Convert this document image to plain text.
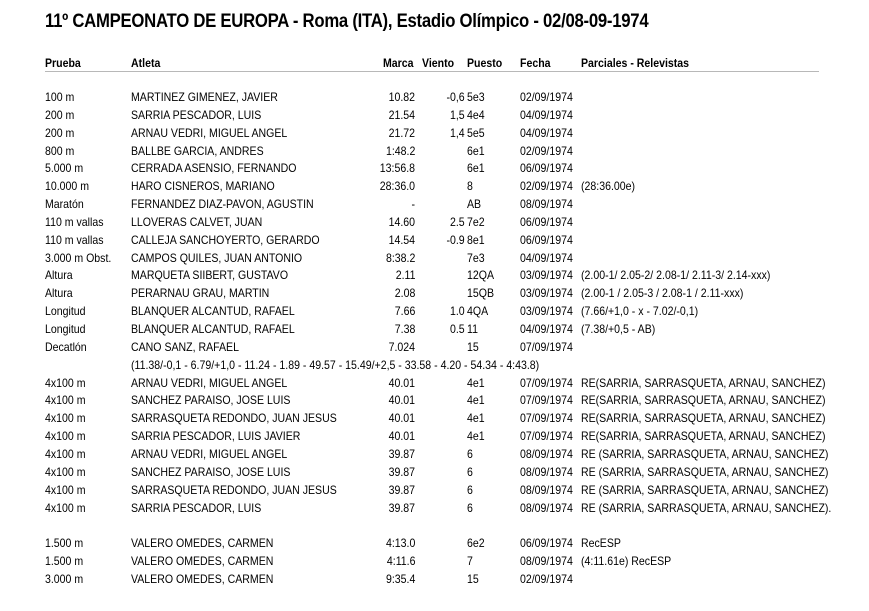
11º CAMPEONATO DE EUROPA - Roma (ITA), Estadio Olímpico - 02/08-09-1974
Prueba	Atleta	Marca Viento Puesto Fecha	Parciales - Relevistas
100 m	MARTINEZ GIMENEZ, JAVIER	10.82	-0,6 5e3	02/09/1974
200 m	SARRIA PESCADOR, LUIS	21.54	1,5 4e4	04/09/1974
200 m	ARNAU VEDRI, MIGUEL ANGEL	21.72	1,4 5e5	04/09/1974
800 m	BALLBE GARCIA, ANDRES	1:48.2	6e1	02/09/1974
5.000 m	CERRADA ASENSIO, FERNANDO	13:56.8	6e1	06/09/1974
10.000 m	HARO CISNEROS, MARIANO	28:36.0	8	02/09/1974 (28:36.00e)
Maratón	FERNANDEZ DIAZ-PAVON, AGUSTIN	-	AB	08/09/1974
110 m vallas LLOVERAS CALVET, JUAN	14.60	2.5 7e2	06/09/1974
110 m vallas CALLEJA SANCHOYERTO, GERARDO	14.54	-0.9 8e1	06/09/1974
3.000 m Obst. CAMPOS QUILES, JUAN ANTONIO	8:38.2	7e3	04/09/1974
Altura	MARQUETA SIIBERT, GUSTAVO	2.11	12QA 03/09/1974 (2.00-1/ 2.05-2/ 2.08-1/ 2.11-3/ 2.14-xxx)
Altura	PERARNAU GRAU, MARTIN	2.08	15QB 03/09/1974 (2.00-1 / 2.05-3 / 2.08-1 / 2.11-xxx)
Longitud	BLANQUER ALCANTUD, RAFAEL	7.66	1.0 4QA	03/09/1974 (7.66/+1,0 - x - 7.02/-0,1)
Longitud	BLANQUER ALCANTUD, RAFAEL	7.38	0.5 11	04/09/1974 (7.38/+0,5 - AB)
Decatlón	CANO SANZ, RAFAEL	7.024	15	07/09/1974
(11.38/-0,1 - 6.79/+1,0 - 11.24 - 1.89 - 49.57 - 15.49/+2,5 - 33.58 - 4.20 - 54.34 - 4:43.8)
4x100 m	ARNAU VEDRI, MIGUEL ANGEL	40.01	4e1	07/09/1974 RE(SARRIA, SARRASQUETA, ARNAU, SANCHEZ)
4x100 m	SANCHEZ PARAISO, JOSE LUIS	40.01	4e1	07/09/1974 RE(SARRIA, SARRASQUETA, ARNAU, SANCHEZ)
4x100 m	SARRASQUETA REDONDO, JUAN JESUS	40.01	4e1	07/09/1974 RE(SARRIA, SARRASQUETA, ARNAU, SANCHEZ)
4x100 m	SARRIA PESCADOR, LUIS JAVIER	40.01	4e1	07/09/1974 RE(SARRIA, SARRASQUETA, ARNAU, SANCHEZ)
4x100 m	ARNAU VEDRI, MIGUEL ANGEL	39.87	6	08/09/1974 RE (SARRIA, SARRASQUETA, ARNAU, SANCHEZ)
4x100 m	SANCHEZ PARAISO, JOSE LUIS	39.87	6	08/09/1974 RE (SARRIA, SARRASQUETA, ARNAU, SANCHEZ)
4x100 m	SARRASQUETA REDONDO, JUAN JESUS	39.87	6	08/09/1974 RE (SARRIA, SARRASQUETA, ARNAU, SANCHEZ)
4x100 m	SARRIA PESCADOR, LUIS	39.87	6	08/09/1974 RE (SARRIA, SARRASQUETA, ARNAU, SANCHEZ).
1.500 m	VALERO OMEDES, CARMEN	4:13.0	6e2	06/09/1974 RecESP
1.500 m	VALERO OMEDES, CARMEN	4:11.6	7	08/09/1974 (4:11.61e) RecESP
3.000 m	VALERO OMEDES, CARMEN	9:35.4	15	02/09/1974
